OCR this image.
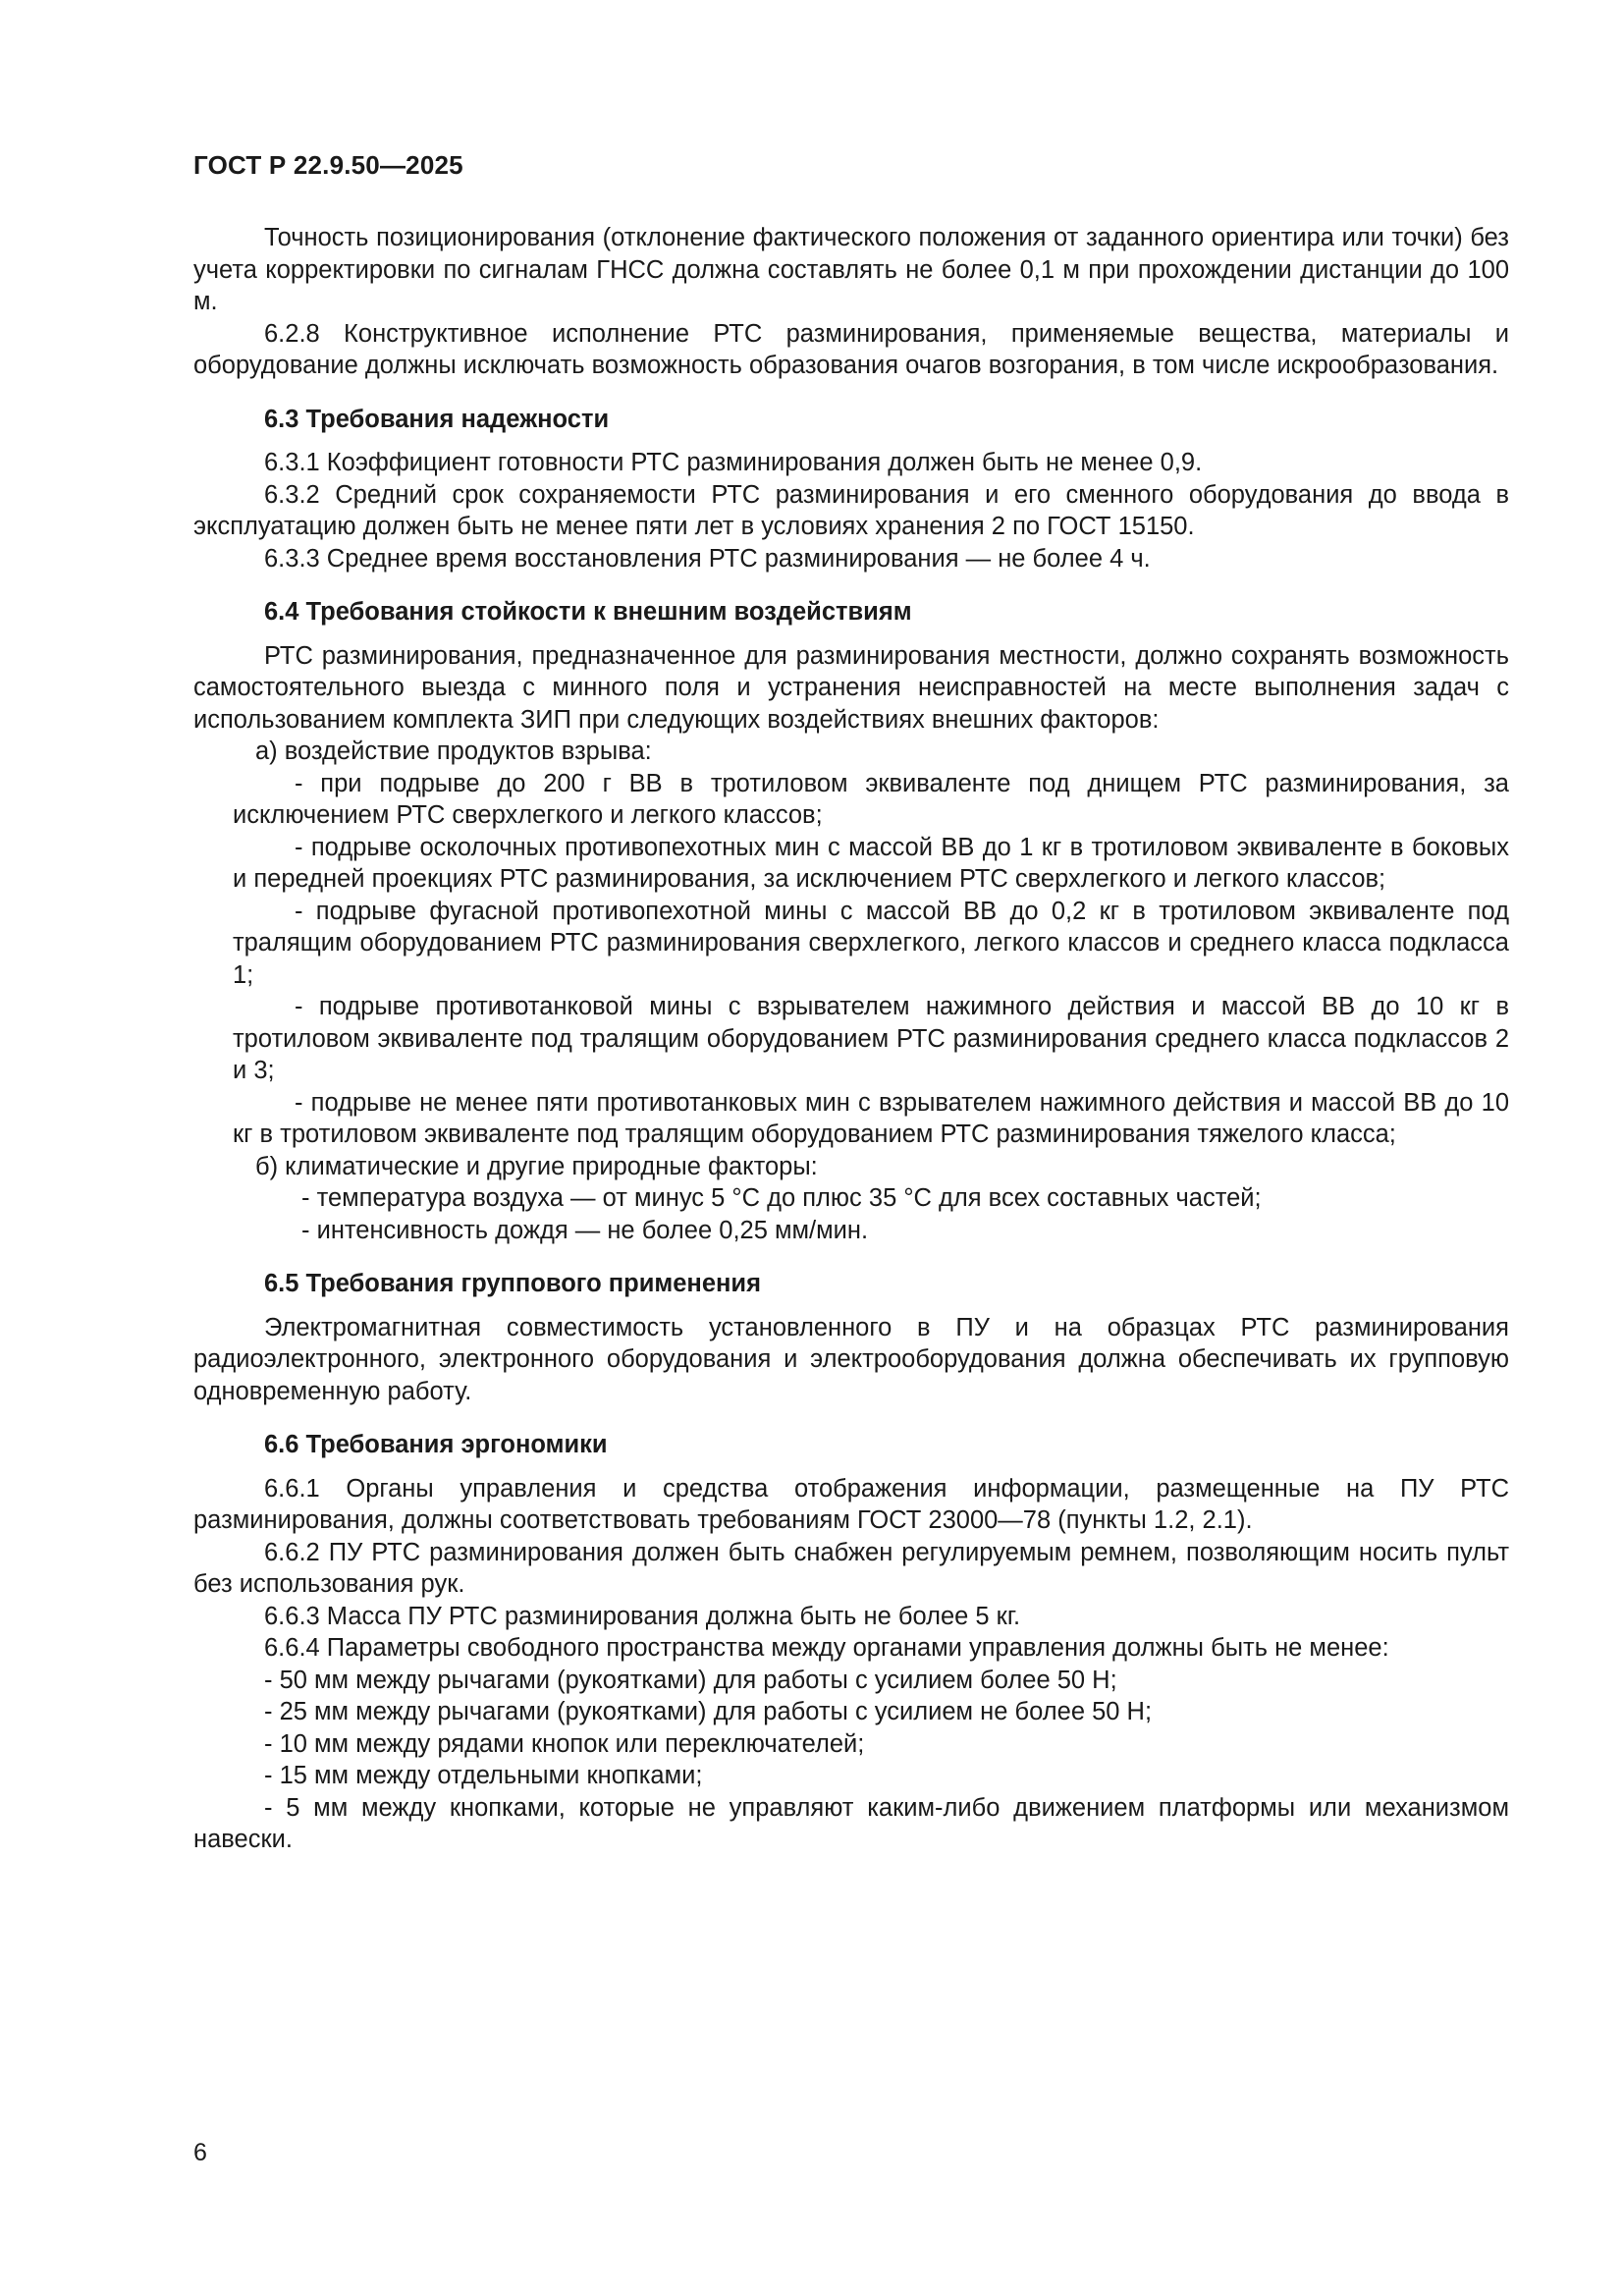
ГОСТ Р 22.9.50—2025

Точность позиционирования (отклонение фактического положения от заданного ориентира или точки) без учета корректировки по сигналам ГНСС должна составлять не более 0,1 м при прохождении дистанции до 100 м.

6.2.8 Конструктивное исполнение РТС разминирования, применяемые вещества, материалы и оборудование должны исключать возможность образования очагов возгорания, в том числе искрообразования.

6.3 Требования надежности

6.3.1 Коэффициент готовности РТС разминирования должен быть не менее 0,9.

6.3.2 Средний срок сохраняемости РТС разминирования и его сменного оборудования до ввода в эксплуатацию должен быть не менее пяти лет в условиях хранения 2 по ГОСТ 15150.

6.3.3 Среднее время восстановления РТС разминирования — не более 4 ч.

6.4 Требования стойкости к внешним воздействиям

РТС разминирования, предназначенное для разминирования местности, должно сохранять возможность самостоятельного выезда с минного поля и устранения неисправностей на месте выполнения задач с использованием комплекта ЗИП при следующих воздействиях внешних факторов:

а) воздействие продуктов взрыва:

- при подрыве до 200 г ВВ в тротиловом эквиваленте под днищем РТС разминирования, за исключением РТС сверхлегкого и легкого классов;

- подрыве осколочных противопехотных мин с массой ВВ до 1 кг в тротиловом эквиваленте в боковых и передней проекциях РТС разминирования, за исключением РТС сверхлегкого и легкого классов;

- подрыве фугасной противопехотной мины с массой ВВ до 0,2 кг в тротиловом эквиваленте под тралящим оборудованием РТС разминирования сверхлегкого, легкого классов и среднего класса подкласса 1;

- подрыве противотанковой мины с взрывателем нажимного действия и массой ВВ до 10 кг в тротиловом эквиваленте под тралящим оборудованием РТС разминирования среднего класса подклассов 2 и 3;

- подрыве не менее пяти противотанковых мин с взрывателем нажимного действия и массой ВВ до 10 кг в тротиловом эквиваленте под тралящим оборудованием РТС разминирования тяжелого класса;

б) климатические и другие природные факторы:

- температура воздуха — от минус 5 °С до плюс 35 °С для всех составных частей;

- интенсивность дождя — не более 0,25 мм/мин.

6.5 Требования группового применения

Электромагнитная совместимость установленного в ПУ и на образцах РТС разминирования радиоэлектронного, электронного оборудования и электрооборудования должна обеспечивать их групповую одновременную работу.

6.6 Требования эргономики

6.6.1 Органы управления и средства отображения информации, размещенные на ПУ РТС разминирования, должны соответствовать требованиям ГОСТ 23000—78 (пункты 1.2, 2.1).

6.6.2 ПУ РТС разминирования должен быть снабжен регулируемым ремнем, позволяющим носить пульт без использования рук.

6.6.3 Масса ПУ РТС разминирования должна быть не более 5 кг.

6.6.4 Параметры свободного пространства между органами управления должны быть не менее:

- 50 мм между рычагами (рукоятками) для работы с усилием более 50 Н;

- 25 мм между рычагами (рукоятками) для работы с усилием не более 50 Н;

- 10 мм между рядами кнопок или переключателей;

- 15 мм между отдельными кнопками;

- 5 мм между кнопками, которые не управляют каким-либо движением платформы или механизмом навески.

6
